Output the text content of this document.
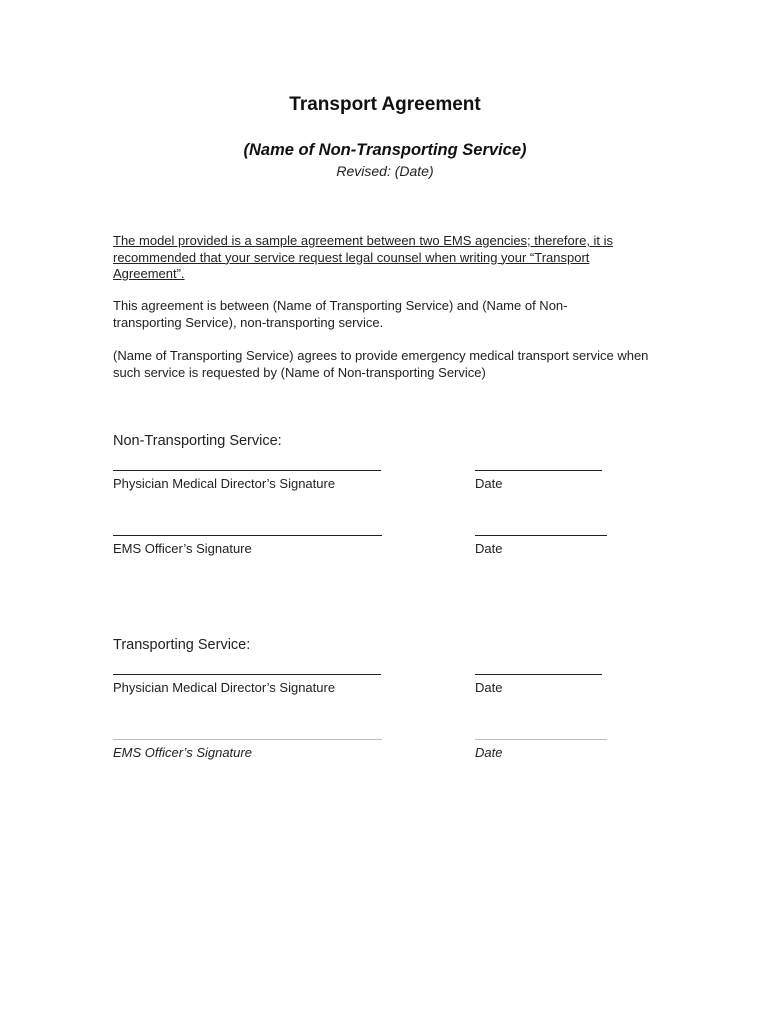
Transport Agreement
(Name of Non-Transporting Service)
Revised: (Date)
The model provided is a sample agreement between two EMS agencies; therefore, it is recommended that your service request legal counsel when writing your “Transport Agreement”.
This agreement is between (Name of Transporting Service) and (Name of Non-transporting Service), non-transporting service.
(Name of Transporting Service) agrees to provide emergency medical transport service when such service is requested by (Name of Non-transporting Service)
Non-Transporting Service:
Physician Medical Director’s Signature	Date
EMS Officer’s Signature	Date
Transporting Service:
Physician Medical Director’s Signature	Date
EMS Officer’s Signature	Date
